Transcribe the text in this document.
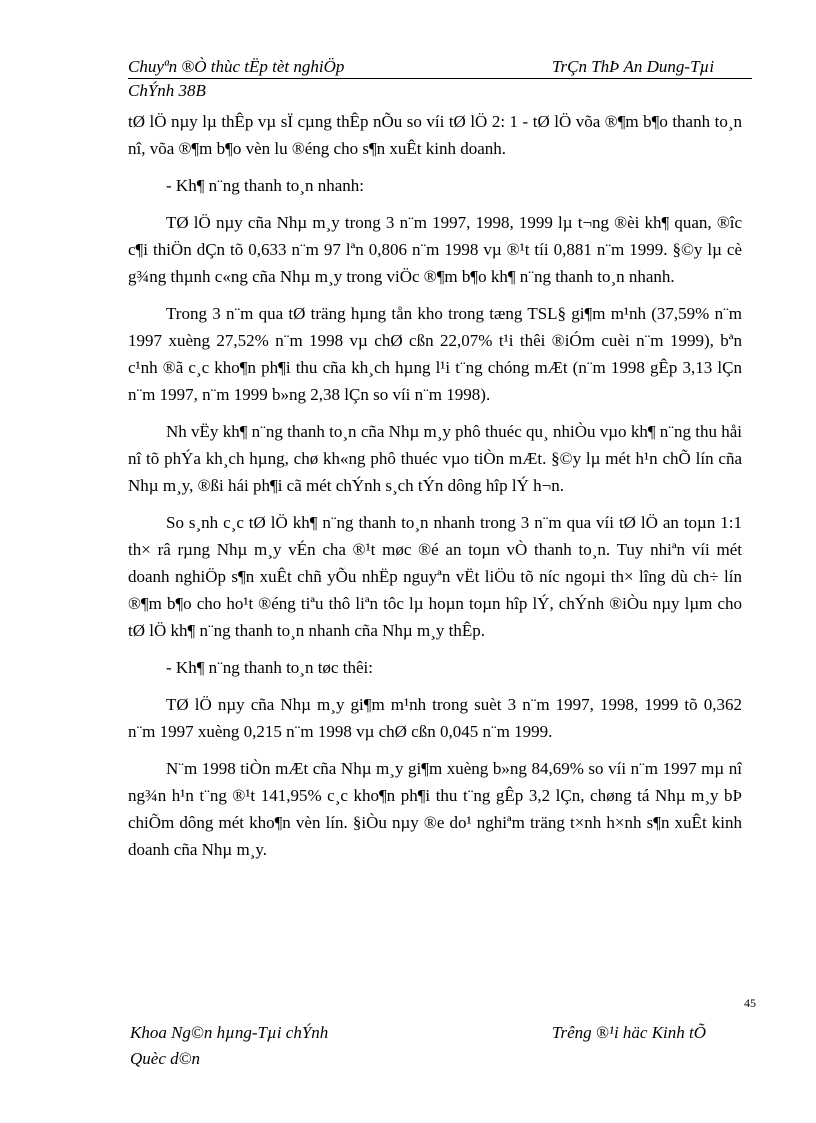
Chuyªn ®Ò thùc tËp tèt nghiÖp	TrÇn ThÞ An Dung-Tµi
ChÝnh 38B

tØ lÖ nµy lµ thÊp vµ sÏ cµng thÊp nÕu so víi tØ lÖ 2: 1 - tØ lÖ võa ®¶m b¶o thanh to¸n nî, võa ®¶m b¶o vèn lu ®éng cho s¶n xuÊt kinh doanh.

- Kh¶ n¨ng thanh to¸n nhanh:

TØ lÖ nµy cña Nhµ m¸y trong 3 n¨m 1997, 1998, 1999 lµ t¬ng ®èi kh¶ quan, ®îc c¶i thiÖn dÇn tõ 0,633 n¨m 97 lªn 0,806 n¨m 1998 vµ ®¹t tíi 0,881 n¨m 1999. §©y lµ cè g¾ng thµnh c«ng cña Nhµ m¸y trong viÖc ®¶m b¶o kh¶ n¨ng thanh to¸n nhanh.

Trong 3 n¨m qua tØ träng hµng tån kho trong tæng TSL§ gi¶m m¹nh (37,59% n¨m 1997 xuèng 27,52% n¨m 1998 vµ chØ cßn 22,07% t¹i thêi ®iÓm cuèi n¨m 1999), bªn c¹nh ®ã c¸c kho¶n ph¶i thu cña kh¸ch hµng l¹i t¨ng chóng mÆt (n¨m 1998 gÊp 3,13 lÇn n¨m 1997, n¨m 1999 b»ng 2,38 lÇn so víi n¨m 1998).

Nh vËy kh¶ n¨ng thanh to¸n cña Nhµ m¸y phô thuéc qu¸ nhiÒu vµo kh¶ n¨ng thu håi nî tõ phÝa kh¸ch hµng, chø kh«ng phô thuéc vµo tiÒn mÆt. §©y lµ mét h¹n chÕ lín cña Nhµ m¸y, ®ßi hái ph¶i cã mét chÝnh s¸ch tÝn dông hîp lÝ h¬n.

So s¸nh c¸c tØ lÖ kh¶ n¨ng thanh to¸n nhanh trong 3 n¨m qua víi tØ lÖ an toµn 1:1 th× râ rµng Nhµ m¸y vÉn cha ®¹t møc ®é an toµn vÒ thanh to¸n. Tuy nhiªn víi mét doanh nghiÖp s¶n xuÊt chñ yÕu nhËp nguyªn vËt liÖu tõ níc ngoµi th× lîng dù ch÷ lín ®¶m b¶o cho ho¹t ®éng tiªu thô liªn tôc lµ hoµn toµn hîp lÝ, chÝnh ®iÒu nµy lµm cho tØ lÖ kh¶ n¨ng thanh to¸n nhanh cña Nhµ m¸y thÊp.

- Kh¶ n¨ng thanh to¸n tøc thêi:

TØ lÖ nµy cña Nhµ m¸y gi¶m m¹nh trong suèt 3 n¨m 1997, 1998, 1999 tõ 0,362 n¨m 1997 xuèng 0,215 n¨m 1998 vµ chØ cßn 0,045 n¨m 1999.

N¨m 1998 tiÒn mÆt cña Nhµ m¸y gi¶m xuèng b»ng 84,69% so víi n¨m 1997 mµ nî ng¾n h¹n t¨ng ®¹t 141,95% c¸c kho¶n ph¶i thu t¨ng gÊp 3,2 lÇn, chøng tá Nhµ m¸y bÞ chiÕm dông mét kho¶n vèn lín. §iÒu nµy ®e do¹ nghiªm träng t×nh h×nh s¶n xuÊt kinh doanh cña Nhµ m¸y.

45
Khoa Ng©n hµng-Tµi chÝnh
Quèc d©n
Trêng ®¹i häc Kinh tÕ
